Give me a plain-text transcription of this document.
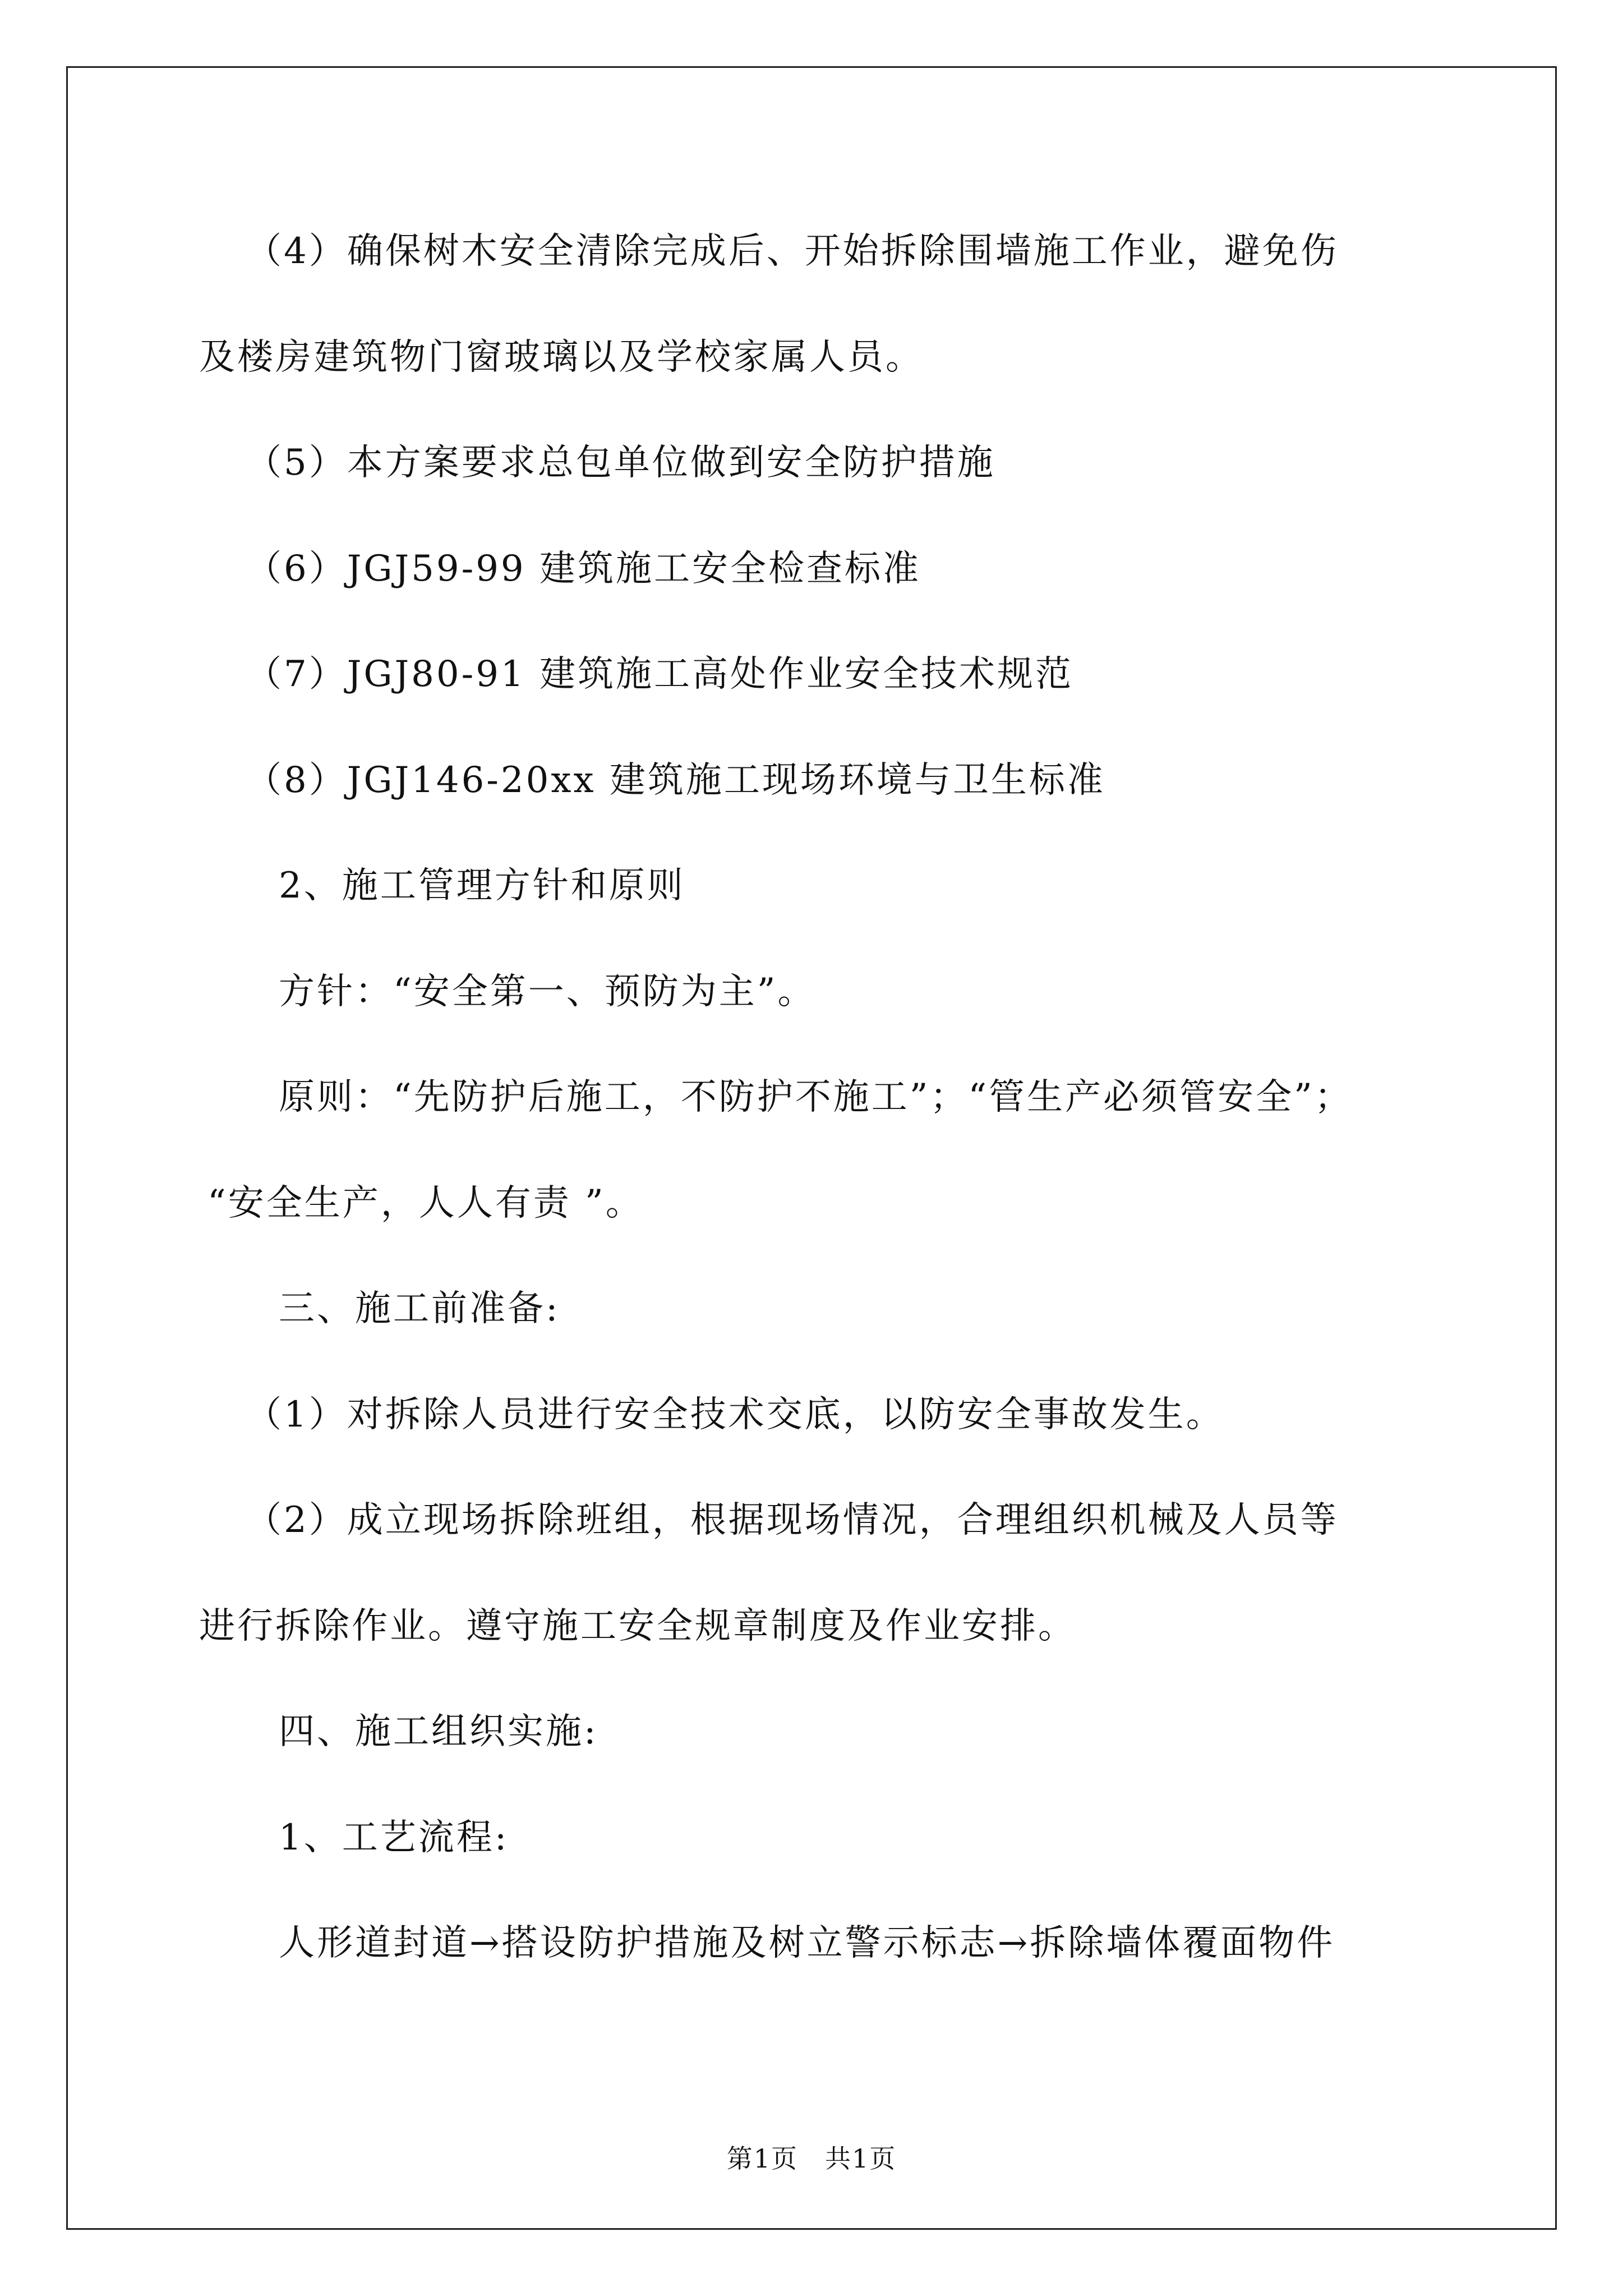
（4）确保树木安全清除完成后、开始拆除围墙施工作业，避免伤
及楼房建筑物门窗玻璃以及学校家属人员。
（5）本方案要求总包单位做到安全防护措施
（6）JGJ59-99 建筑施工安全检查标准
（7）JGJ80-91 建筑施工高处作业安全技术规范
（8）JGJ146-20xx 建筑施工现场环境与卫生标准
2、施工管理方针和原则
方针：“安全第一、预防为主”。
原则：“先防护后施工，不防护不施工”；“管生产必须管安全”；
“安全生产，人人有责 ”。
三、施工前准备:
（1）对拆除人员进行安全技术交底，以防安全事故发生。
（2）成立现场拆除班组，根据现场情况，合理组织机械及人员等
进行拆除作业。遵守施工安全规章制度及作业安排。
四、施工组织实施:
1、工艺流程:
人形道封道→搭设防护措施及树立警示标志→拆除墙体覆面物件
第1页　共1页
